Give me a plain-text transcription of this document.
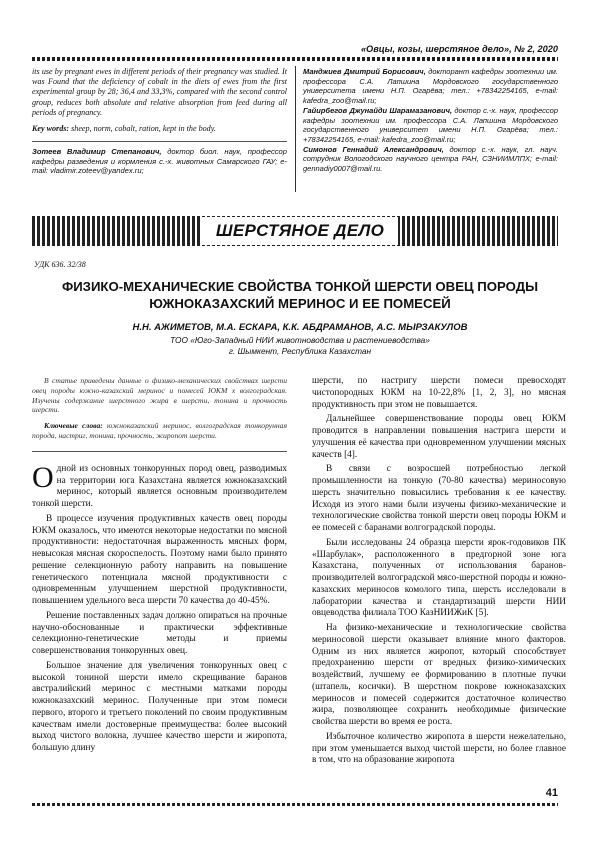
«Овцы, козы, шерстяное дело», № 2, 2020
its use by pregnant ewes in different periods of their pregnancy was studied. It was Found that the deficiency of cobalt in the diets of ewes from the first experimental group by 28; 36,4 and 33,3%, compared with the second control group, reduces both absolute and relative absorption from feed during all periods of pregnancy.
Key words: sheep, norm, cobalt, ration, kept in the body.
Зотеев Владимир Степанович, доктор биол. наук, профессор кафедры разведения и кормления с.-х. животных Самарского ГАУ; e-mail: vladimir.zoteev@yandex.ru;

Манджиев Дмитрий Борисович, докторант кафедры зоотехнии им. профессора С.А. Лапшина Мордовского государственного университета имени Н.П. Огарёва; тел.: +78342254165, e-mail: kafedra_zoo@mail.ru;

Гайирбегов Джунайди Шарамазанович, доктор с.-х. наук, профессор кафедры зоотехнии им. профессора С.А. Лапшина Мордовского государственного университет имени Н.П. Огарёва; тел.: +78342254165, e-mail: kafedra_zoo@mail.ru;

Симонов Геннадий Александрович, доктор с.-х. наук, гл. науч. сотрудник Вологодского научного центра РАН, СЗНИИМЛПХ; e-mail: gennadiy0007@mail.ru.

ШЕРСТЯНОЕ ДЕЛО
УДК 636. 32/38
ФИЗИКО-МЕХАНИЧЕСКИЕ СВОЙСТВА ТОНКОЙ ШЕРСТИ ОВЕЦ ПОРОДЫ ЮЖНОКАЗАХСКИЙ МЕРИНОС И ЕЕ ПОМЕСЕЙ
Н.Н. АЖИМЕТОВ, М.А. ЕСКАРА, К.К. АБДРАМАНОВ, А.С. МЫРЗАКУЛОВ
ТОО «Юго-Западный НИИ животноводства и растениеводства»
г. Шымкент, Республика Казахстан
В статье приведены данные о физико-механических свойствах шерсти овец породы южно-казахский меринос и помесей ЮКМ х волгоградская. Изучены содержание шерстного жира в шерсти, тонина и прочность шерсти.
Ключевые слова: южноказахский меринос, волгоградская тонкорунная порода, настриг, тонина, прочность, жиропот шерсти.

Одной из основных тонкорунных пород овец, разводимых на территории юга Казахстана является южноказахский меринос, который является основным производителем тонкой шерсти.

В процессе изучения продуктивных качеств овец породы ЮКМ оказалось, что имеются некоторые недостатки по мясной продуктивности: недостаточная выраженность мясных форм, невысокая мясная скороспелость. Поэтому нами было принято решение селекционную работу направить на повышение генетического потенциала мясной продуктивности с одновременным улучшением шерстной продуктивности, повышением удельного веса шерсти 70 качества до 40-45%.

Решение поставленных задач должно опираться на прочные научно-обоснованные и практически эффективные селекционно-генетические методы и приемы совершенствования тонкорунных овец.

Большое значение для увеличения тонкорунных овец с высокой тониной шерсти имело скрещивание баранов австралийский меринос с местными матками породы южноказахский меринос. Полученные при этом помеси первого, второго и третьего поколений по своим продуктивным качествам имели достоверные преимущества: более высокий выход чистого волокна, лучшее качество шерсти и жиропота, большую длину

шерсти, по настригу шерсти помеси превосходят чистопородных ЮКМ на 10-22,8% [1, 2, 3], но мясная продуктивность при этом не повышается.

Дальнейшее совершенствование породы овец ЮКМ проводится в направлении повышения настрига шерсти и улучшения её качества при одновременном улучшении мясных качеств [4].

В связи с возросшей потребностью легкой промышленности на тонкую (70-80 качества) мериносовую шерсть значительно повысились требования к ее качеству. Исходя из этого нами были изучены физико-механические и технологические свойства тонкой шерсти овец породы ЮКМ и ее помесей с баранами волгоградской породы.

Были исследованы 24 образца шерсти ярок-годовиков ПК «Шарбулак», расположенного в предгорной зоне юга Казахстана, полученных от использования баранов-производителей волгоградской мясо-шерстной породы и южно-казахских мериносов комолого типа, шерсть исследовали в лаборатории качества и стандартизаций шерсти НИИ овцеводства филиала ТОО КазНИИЖиК [5].

На физико-механические и технологические свойства мериносовой шерсти оказывает влияние много факторов. Одним из них является жиропот, который способствует предохранению шерсти от вредных физико-химических воздействий, лучшему ее формированию в плотные пучки (штапель, косички). В шерстном покрове южноказахских мериносов и помесей содержится достаточное количество жира, позволяющее сохранить необходимые физические свойства шерсти во время ее роста.

Избыточное количество жиропота в шерсти нежелательно, при этом уменьшается выход чистой шерсти, но более главное в том, что на образование жиропота

41
